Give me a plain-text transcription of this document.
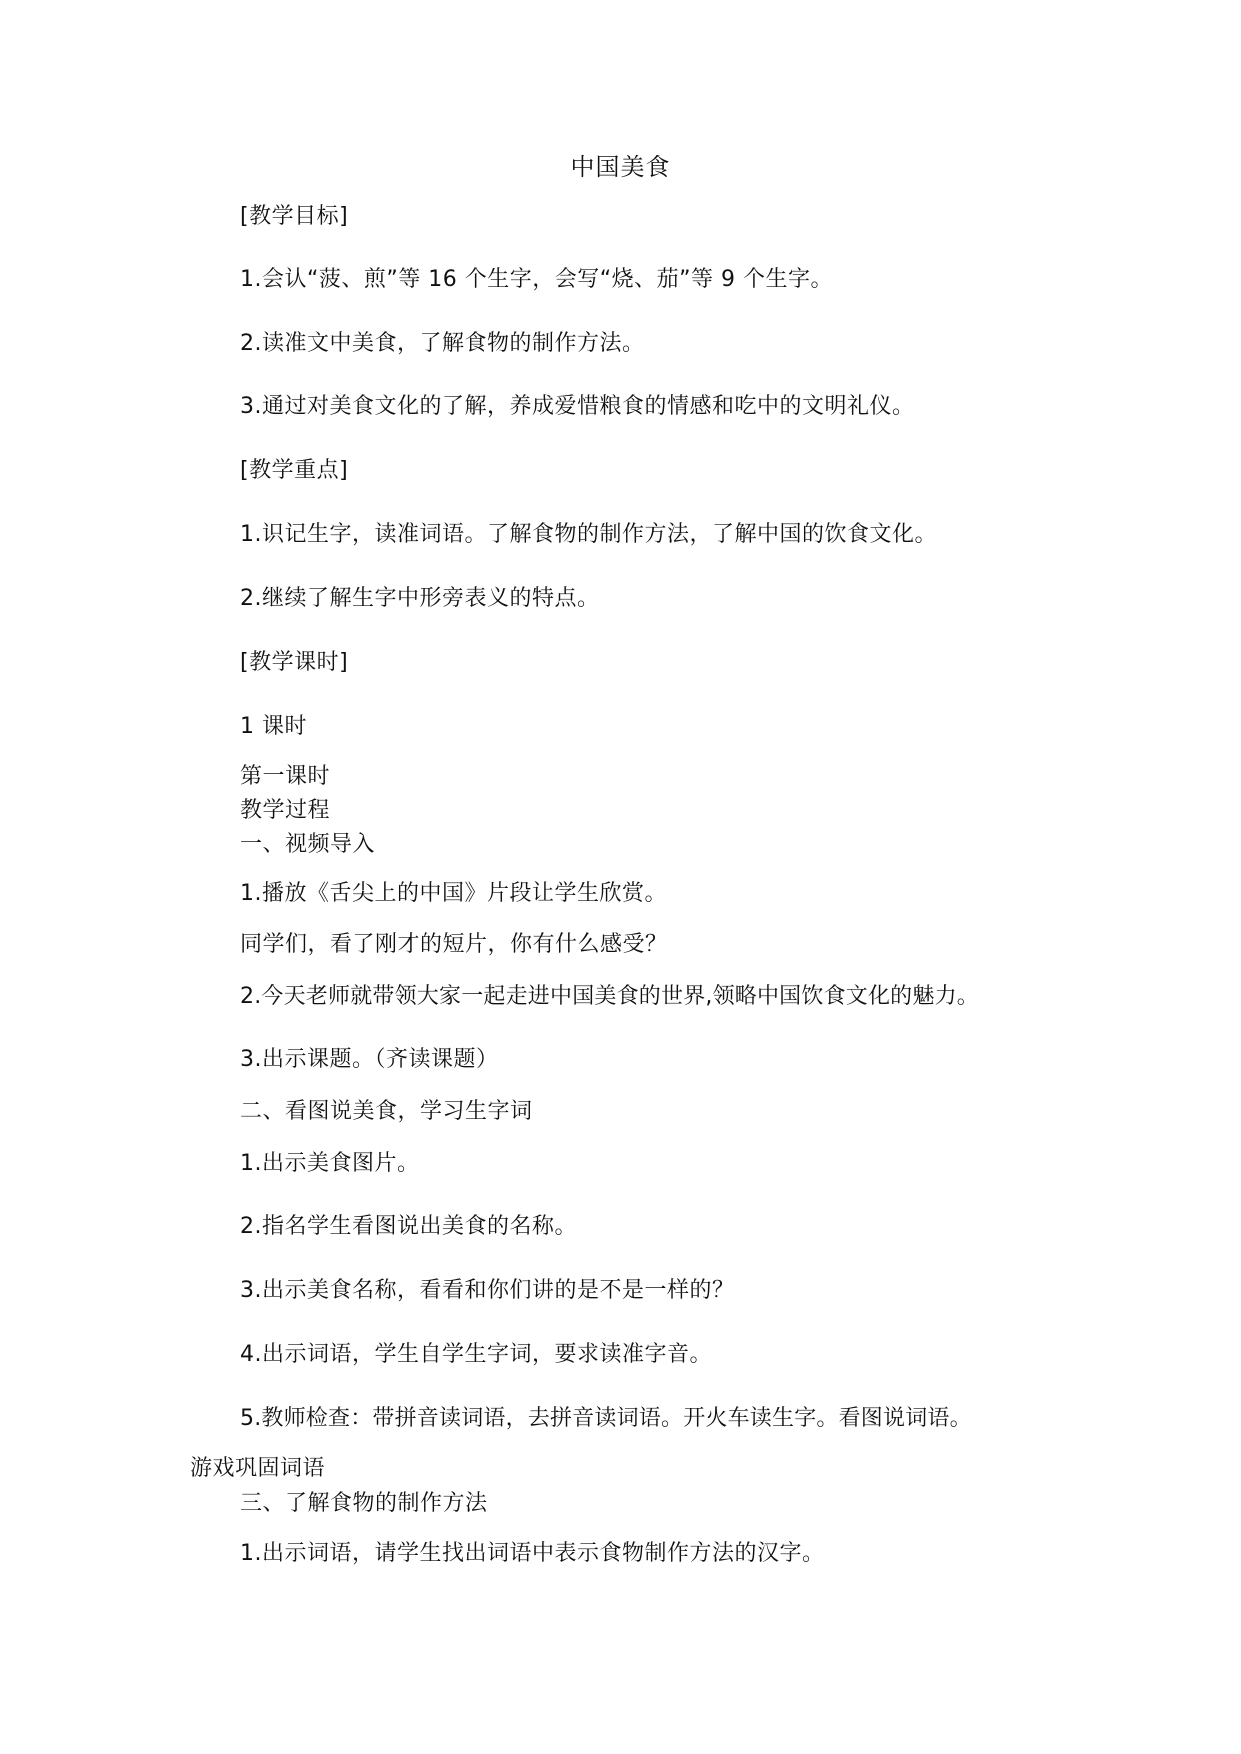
中国美食
[教学目标]
1.会认“菠、煎”等 16 个生字，会写“烧、茄”等 9 个生字。
2.读准文中美食，了解食物的制作方法。
3.通过对美食文化的了解，养成爱惜粮食的情感和吃中的文明礼仪。
[教学重点]
1.识记生字，读准词语。了解食物的制作方法，了解中国的饮食文化。
2.继续了解生字中形旁表义的特点。
[教学课时]
1 课时
第一课时
教学过程
一、视频导入
1.播放《舌尖上的中国》片段让学生欣赏。
同学们，看了刚才的短片，你有什么感受？
2.今天老师就带领大家一起走进中国美食的世界,领略中国饮食文化的魅力。
3.出示课题。（齐读课题）
二、看图说美食，学习生字词
1.出示美食图片。
2.指名学生看图说出美食的名称。
3.出示美食名称，看看和你们讲的是不是一样的？
4.出示词语，学生自学生字词，要求读准字音。
5.教师检查：带拼音读词语，去拼音读词语。开火车读生字。看图说词语。
游戏巩固词语
三、了解食物的制作方法
1.出示词语，请学生找出词语中表示食物制作方法的汉字。
